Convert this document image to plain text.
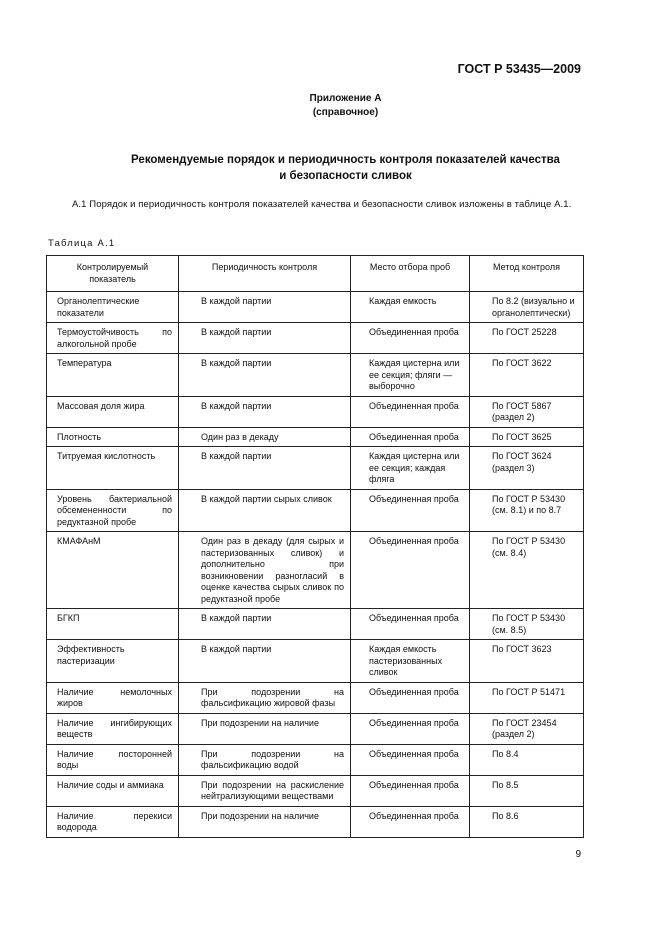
ГОСТ Р 53435—2009
Приложение А
(справочное)
Рекомендуемые порядок и периодичность контроля показателей качества
и безопасности сливок
А.1 Порядок и периодичность контроля показателей качества и безопасности сливок изложены в таблице А.1.
Таблица А.1
Контролируемый показатель	Периодичность контроля	Место отбора проб	Метод контроля
Органолептические показатели	В каждой партии	Каждая емкость	По 8.2 (визуально и органолептически)
Термоустойчивость по алкогольной пробе	В каждой партии	Объединенная проба	По ГОСТ 25228
Температура	В каждой партии	Каждая цистерна или ее секция; фляги — выборочно	По ГОСТ 3622
Массовая доля жира	В каждой партии	Объединенная проба	По ГОСТ 5867 (раздел 2)
Плотность	Один раз в декаду	Объединенная проба	По ГОСТ 3625
Титруемая кислотность	В каждой партии	Каждая цистерна или ее секция; каждая фляга	По ГОСТ 3624 (раздел 3)
Уровень бактериальной обсемененности по редуктазной пробе	В каждой партии сырых сливок	Объединенная проба	По ГОСТ Р 53430 (см. 8.1) и по 8.7
КМАФАнМ	Один раз в декаду (для сырых и пастеризованных сливок) и дополнительно при возникновении разногласий в оценке качества сырых сливок по редуктазной пробе	Объединенная проба	По ГОСТ Р 53430 (см. 8.4)
БГКП	В каждой партии	Объединенная проба	По ГОСТ Р 53430 (см. 8.5)
Эффективность пастеризации	В каждой партии	Каждая емкость пастеризованных сливок	По ГОСТ 3623
Наличие немолочных жиров	При подозрении на фальсификацию жировой фазы	Объединенная проба	По ГОСТ Р 51471
Наличие ингибирующих веществ	При подозрении на наличие	Объединенная проба	По ГОСТ 23454 (раздел 2)
Наличие посторонней воды	При подозрении на фальсификацию водой	Объединенная проба	По 8.4
Наличие соды и аммиака	При подозрении на раскисление нейтрализующими веществами	Объединенная проба	По 8.5
Наличие перекиси водорода	При подозрении на наличие	Объединенная проба	По 8.6
9
